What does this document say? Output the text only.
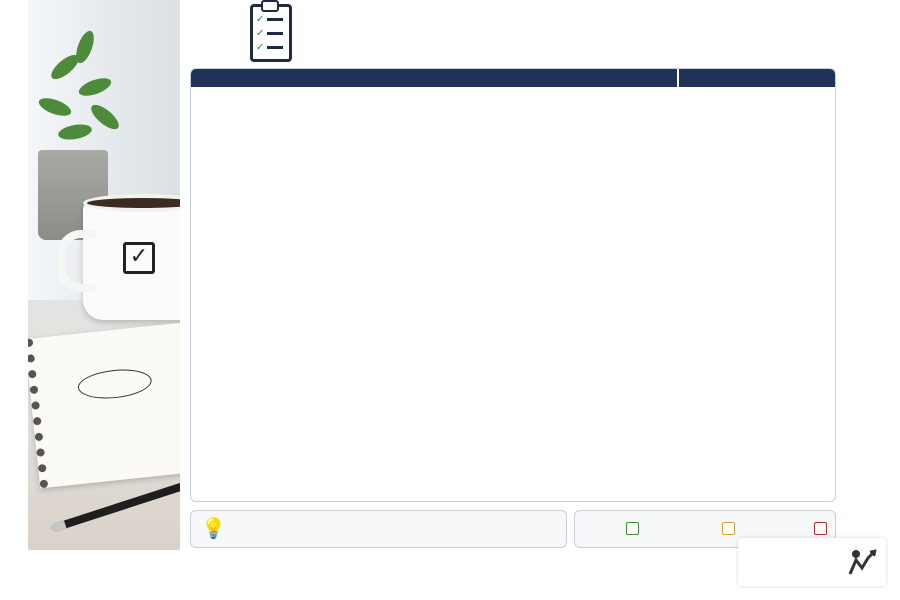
✓
✓
✓
✓
💡
